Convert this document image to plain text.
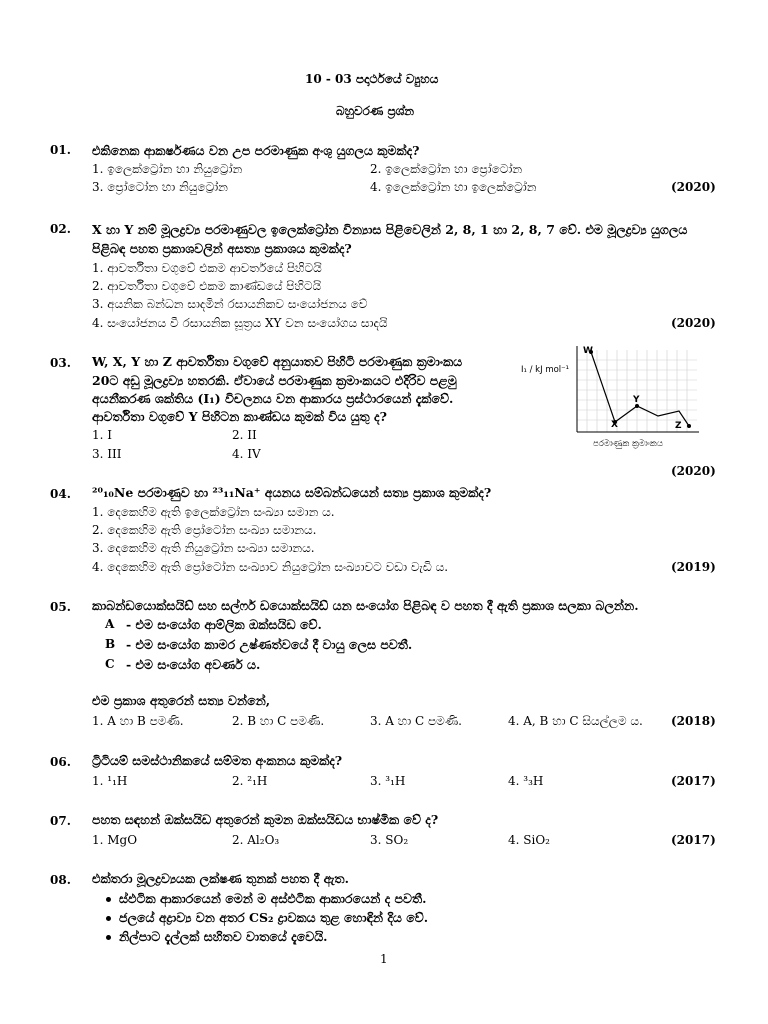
10 - 03 පදාර්ථයේ ව්‍යුහය
බහුවරණ ප්‍රශ්න
01. එකිනෙක ආකර්ෂණය වන උප පරමාණුක අංශු යුගලය කුමක්ද?
1. ඉලෙක්ට්‍රෝන හා නියුට්‍රෝන	2. ඉලෙක්ට්‍රෝන හා ප්‍රෝටෝන
3. ප්‍රෝටෝන හා නියුට්‍රෝන	4. ඉලෙක්ට්‍රෝන හා ඉලෙක්ට්‍රෝන	(2020)
02. X හා Y නම් මූලද්‍රව්‍ය පරමාණුවල ඉලෙක්ට්‍රෝන වින්‍යාස පිළිවෙලින් 2, 8, 1 හා 2, 8, 7 වේ. එම මූලද්‍රව්‍ය යුගලය
පිළිබඳ පහත ප්‍රකාශවලින් අසත්‍ය ප්‍රකාශය කුමක්ද?
1. ආවර්තිතා වගුවේ එකම ආවර්තයේ පිහිටයි
2. ආවර්තිතා වගුවේ එකම කාණ්ඩයේ පිහිටයි
3. අයනික බන්ධන සාදමින් රසායනිකව සංයෝජනය වේ
4. සංයෝජනය වී රසායනික සූත්‍රය XY වන සංයෝගය සාදයි	(2020)
03. W, X, Y හා Z ආවර්තිතා වගුවේ අනුයාතව පිහිටි පරමාණුක ක්‍රමාංකය
20ට අඩු මූලද්‍රව්‍ය හතරකි. ඒවායේ පරමාණුක ක්‍රමාංකයට එදිරිව පළමු
අයනීකරණ ශක්තිය (I₁) විචලනය වන ආකාරය ප්‍රස්ථාරයෙන් දැක්වේ.
ආවර්තිතා වගුවේ Y පිහිටන කාණ්ඩය කුමක් විය යුතු ද?
1. I	2. II
3. III	4. IV
I₁ / kJ mol⁻¹
W
X
Y
Z
පරමාණුක ක්‍රමාංකය
(2020)
04. ²⁰₁₀Ne පරමාණුව හා ²³₁₁Na⁺ අයනය සම්බන්ධයෙන් සත්‍ය ප්‍රකාශ කුමක්ද?
1. දෙකෙහිම ඇති ඉලෙක්ට්‍රෝන සංඛ්‍යා සමාන ය.
2. දෙකෙහිම ඇති ප්‍රෝටෝන සංඛ්‍යා සමානය.
3. දෙකෙහිම ඇති නියුට්‍රෝන සංඛ්‍යා සමානය.
4. දෙකෙහිම ඇති ප්‍රෝටෝන සංඛ්‍යාව නියුට්‍රෝන සංඛ්‍යාවට වඩා වැඩි ය.	(2019)
05. කාබන්ඩයොක්සයිඩ් සහ සල්ෆර් ඩයොක්සයිඩ් යන සංයෝග පිළිබඳ ව පහත දී ඇති ප්‍රකාශ සලකා බලන්න.
A - එම සංයෝග ආම්ලික ඔක්සයිඩ වේ.
B - එම සංයෝග කාමර උෂ්ණත්වයේ දී වායු ලෙස පවතී.
C - එම සංයෝග අවර්ණ ය.
එම ප්‍රකාශ අතුරෙන් සත්‍ය වන්නේ,
1. A හා B පමණි.	2. B හා C පමණි.	3. A හා C පමණි.	4. A, B හා C සියල්ලම ය. (2018)
06. ට්‍රිටියම් සමස්ථානිකයේ සම්මත අංකනය කුමක්ද?
1. ¹₁H	2. ²₁H	3. ³₁H	4. ³₃H	(2017)
07. පහත සඳහන් ඔක්සයිඩ අතුරෙන් කුමන ඔක්සයිඩය භාෂ්මික වේ ද?
1. MgO	2. Al₂O₃	3. SO₂	4. SiO₂	(2017)
08. එක්තරා මූලද්‍රව්‍යයක ලක්ෂණ තුනක් පහත දී ඇත.
ස්ඵටික ආකාරයෙන් මෙන් ම අස්ඵටික ආකාරයෙන් ද පවතී.
ජලයේ අද්‍රාව්‍ය වන අතර CS₂ ද්‍රාවකය තුළ හොඳින් දිය වේ.
නිල්පාට දැල්ලක් සහිතව වාතයේ දැවෙයි.
1
